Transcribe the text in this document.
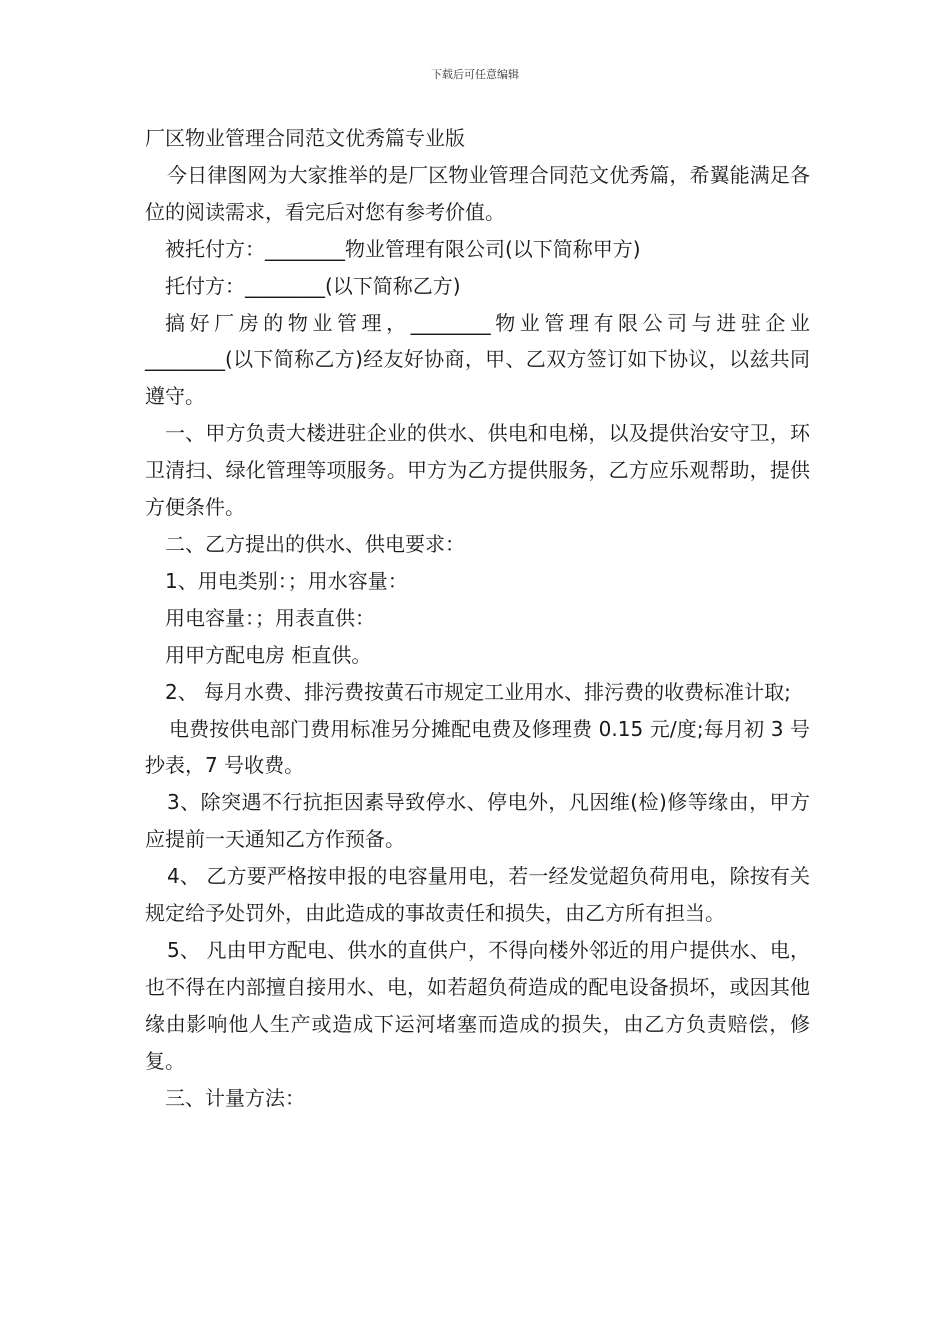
下载后可任意编辑

厂区物业管理合同范文优秀篇专业版

今日律图网为大家推举的是厂区物业管理合同范文优秀篇，希翼能满足各位的阅读需求，看完后对您有参考价值。

被托付方：________物业管理有限公司(以下简称甲方)

托付方：________(以下简称乙方)

搞好厂房的物业管理，________物业管理有限公司与进驻企业________(以下简称乙方)经友好协商，甲、乙双方签订如下协议，以兹共同遵守。

一、甲方负责大楼进驻企业的供水、供电和电梯，以及提供治安守卫，环卫清扫、绿化管理等项服务。甲方为乙方提供服务，乙方应乐观帮助，提供方便条件。

二、乙方提出的供水、供电要求：

1、用电类别：；用水容量：

用电容量：；用表直供：

用甲方配电房 柜直供。

2、 每月水费、排污费按黄石市规定工业用水、排污费的收费标准计取;

电费按供电部门费用标准另分摊配电费及修理费 0.15 元/度;每月初 3 号抄表，7 号收费。

3、除突遇不行抗拒因素导致停水、停电外，凡因维(检)修等缘由，甲方应提前一天通知乙方作预备。

4、 乙方要严格按申报的电容量用电，若一经发觉超负荷用电，除按有关规定给予处罚外，由此造成的事故责任和损失，由乙方所有担当。

5、 凡由甲方配电、供水的直供户，不得向楼外邻近的用户提供水、电，也不得在内部擅自接用水、电，如若超负荷造成的配电设备损坏，或因其他缘由影响他人生产或造成下运河堵塞而造成的损失，由乙方负责赔偿，修复。

三、计量方法：
